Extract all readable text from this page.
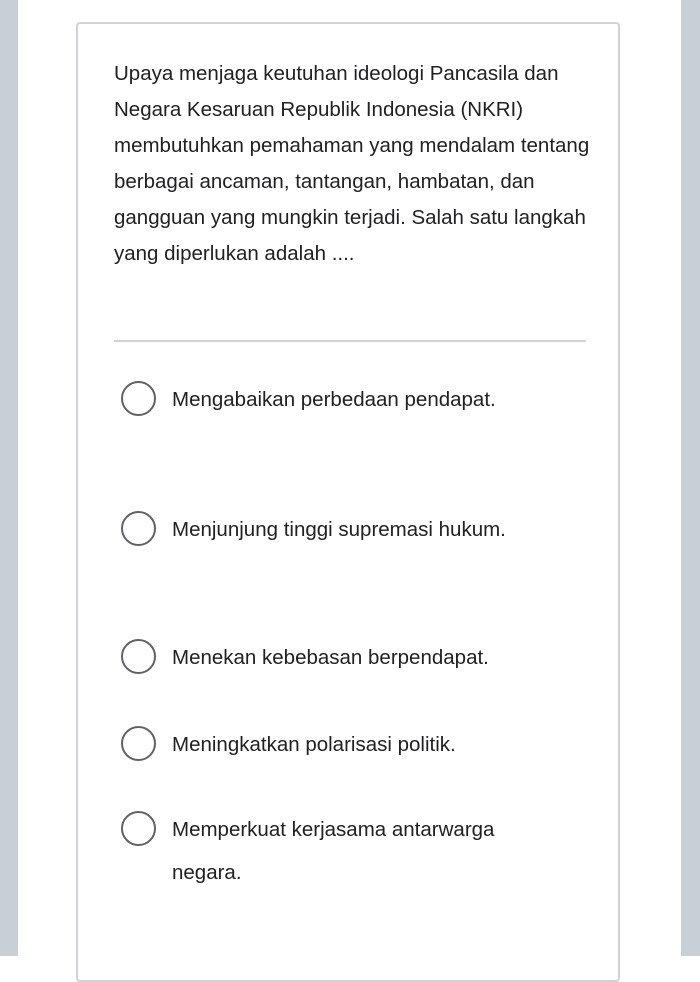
Upaya menjaga keutuhan ideologi Pancasila dan Negara Kesaruan Republik Indonesia (NKRI) membutuhkan pemahaman yang mendalam tentang berbagai ancaman, tantangan, hambatan, dan gangguan yang mungkin terjadi. Salah satu langkah yang diperlukan adalah ....

Mengabaikan perbedaan pendapat.
Menjunjung tinggi supremasi hukum.
Menekan kebebasan berpendapat.
Meningkatkan polarisasi politik.
Memperkuat kerjasama antarwarga negara.
